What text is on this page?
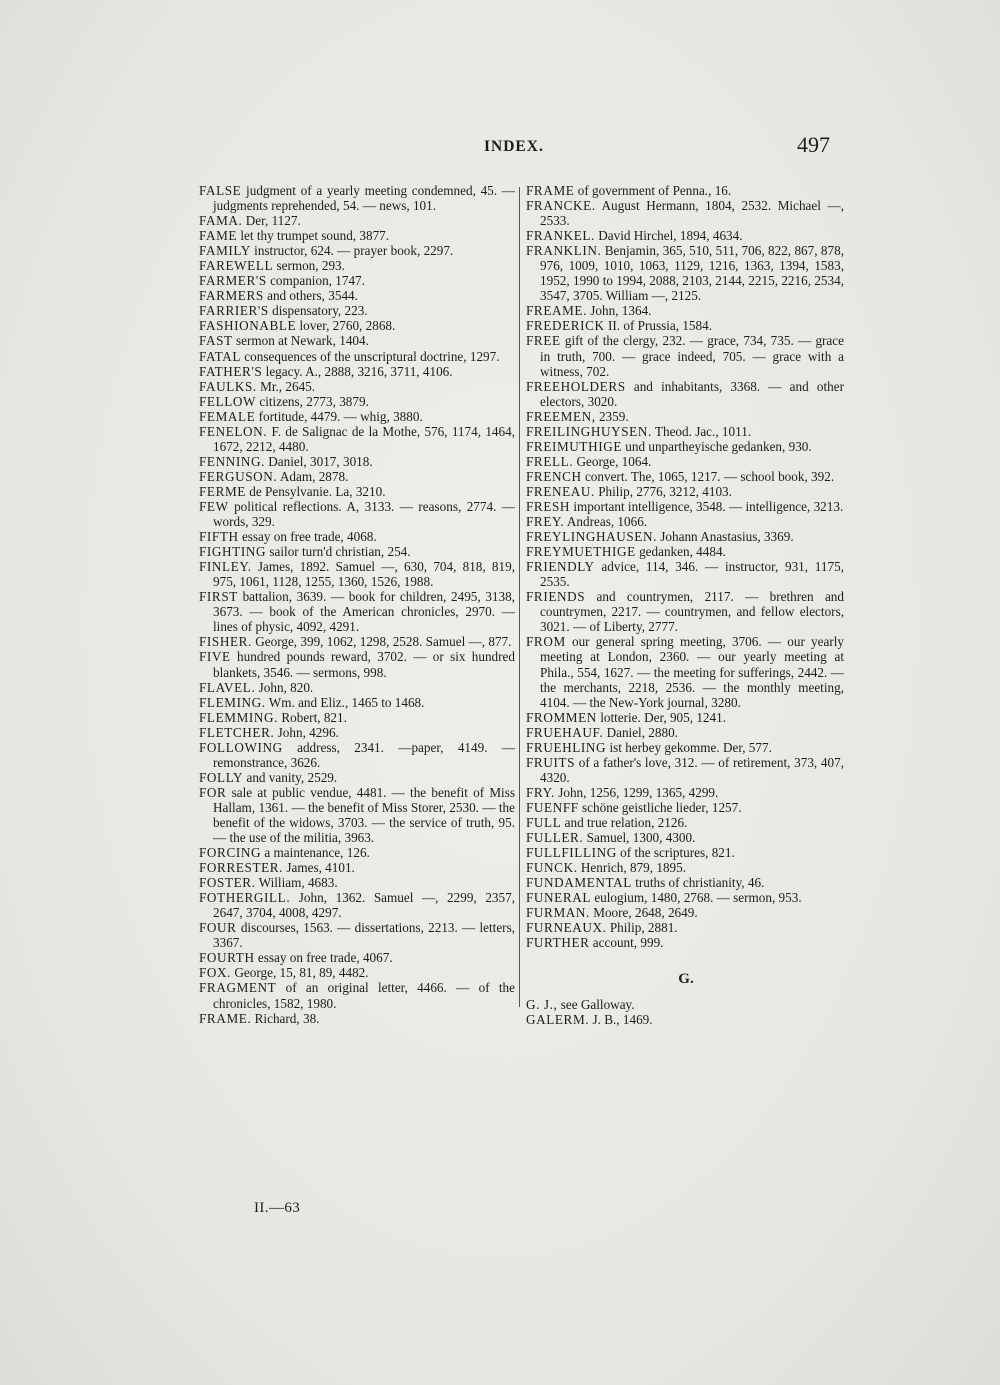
INDEX.	497
FALSE judgment of a yearly meeting condemned, 45. — judgments reprehended, 54. — news, 101.
FAMA. Der, 1127.
FAME let thy trumpet sound, 3877.
FAMILY instructor, 624. — prayer book, 2297.
FAREWELL sermon, 293.
FARMER'S companion, 1747.
FARMERS and others, 3544.
FARRIER'S dispensatory, 223.
FASHIONABLE lover, 2760, 2868.
FAST sermon at Newark, 1404.
FATAL consequences of the unscriptural doctrine, 1297.
FATHER'S legacy. A., 2888, 3216, 3711, 4106.
FAULKS. Mr., 2645.
FELLOW citizens, 2773, 3879.
FEMALE fortitude, 4479. — whig, 3880.
FENELON. F. de Salignac de la Mothe, 576, 1174, 1464, 1672, 2212, 4480.
FENNING. Daniel, 3017, 3018.
FERGUSON. Adam, 2878.
FERME de Pensylvanie. La, 3210.
FEW political reflections. A, 3133. — reasons, 2774. — words, 329.
FIFTH essay on free trade, 4068.
FIGHTING sailor turn'd christian, 254.
FINLEY. James, 1892. Samuel —, 630, 704, 818, 819, 975, 1061, 1128, 1255, 1360, 1526, 1988.
FIRST battalion, 3639. — book for children, 2495, 3138, 3673. — book of the American chronicles, 2970. — lines of physic, 4092, 4291.
FISHER. George, 399, 1062, 1298, 2528. Samuel —, 877.
FIVE hundred pounds reward, 3702. — or six hundred blankets, 3546. — sermons, 998.
FLAVEL. John, 820.
FLEMING. Wm. and Eliz., 1465 to 1468.
FLEMMING. Robert, 821.
FLETCHER. John, 4296.
FOLLOWING address, 2341. —paper, 4149. — remonstrance, 3626.
FOLLY and vanity, 2529.
FOR sale at public vendue, 4481. — the benefit of Miss Hallam, 1361. — the benefit of Miss Storer, 2530. — the benefit of the widows, 3703. — the service of truth, 95. — the use of the militia, 3963.
FORCING a maintenance, 126.
FORRESTER. James, 4101.
FOSTER. William, 4683.
FOTHERGILL. John, 1362. Samuel —, 2299, 2357, 2647, 3704, 4008, 4297.
FOUR discourses, 1563. — dissertations, 2213. — letters, 3367.
FOURTH essay on free trade, 4067.
FOX. George, 15, 81, 89, 4482.
FRAGMENT of an original letter, 4466. — of the chronicles, 1582, 1980.
FRAME. Richard, 38.
FRAME of government of Penna., 16.
FRANCKE. August Hermann, 1804, 2532. Michael —, 2533.
FRANKEL. David Hirchel, 1894, 4634.
FRANKLIN. Benjamin, 365, 510, 511, 706, 822, 867, 878, 976, 1009, 1010, 1063, 1129, 1216, 1363, 1394, 1583, 1952, 1990 to 1994, 2088, 2103, 2144, 2215, 2216, 2534, 3547, 3705. William —, 2125.
FREAME. John, 1364.
FREDERICK II. of Prussia, 1584.
FREE gift of the clergy, 232. — grace, 734, 735. — grace in truth, 700. — grace indeed, 705. — grace with a witness, 702.
FREEHOLDERS and inhabitants, 3368. — and other electors, 3020.
FREEMEN, 2359.
FREILINGHUYSEN. Theod. Jac., 1011.
FREIMUTHIGE und unpartheyische gedanken, 930.
FRELL. George, 1064.
FRENCH convert. The, 1065, 1217. — school book, 392.
FRENEAU. Philip, 2776, 3212, 4103.
FRESH important intelligence, 3548. — intelligence, 3213.
FREY. Andreas, 1066.
FREYLINGHAUSEN. Johann Anastasius, 3369.
FREYMUETHIGE gedanken, 4484.
FRIENDLY advice, 114, 346. — instructor, 931, 1175, 2535.
FRIENDS and countrymen, 2117. — brethren and countrymen, 2217. — countrymen, and fellow electors, 3021. — of Liberty, 2777.
FROM our general spring meeting, 3706. — our yearly meeting at London, 2360. — our yearly meeting at Phila., 554, 1627. — the meeting for sufferings, 2442. — the merchants, 2218, 2536. — the monthly meeting, 4104. — the New-York journal, 3280.
FROMMEN lotterie. Der, 905, 1241.
FRUEHAUF. Daniel, 2880.
FRUEHLING ist herbey gekomme. Der, 577.
FRUITS of a father's love, 312. — of retirement, 373, 407, 4320.
FRY. John, 1256, 1299, 1365, 4299.
FUENFF schöne geistliche lieder, 1257.
FULL and true relation, 2126.
FULLER. Samuel, 1300, 4300.
FULLFILLING of the scriptures, 821.
FUNCK. Henrich, 879, 1895.
FUNDAMENTAL truths of christianity, 46.
FUNERAL eulogium, 1480, 2768. — sermon, 953.
FURMAN. Moore, 2648, 2649.
FURNEAUX. Philip, 2881.
FURTHER account, 999.
G.
G. J., see Galloway.
GALERM. J. B., 1469.
II.—63
